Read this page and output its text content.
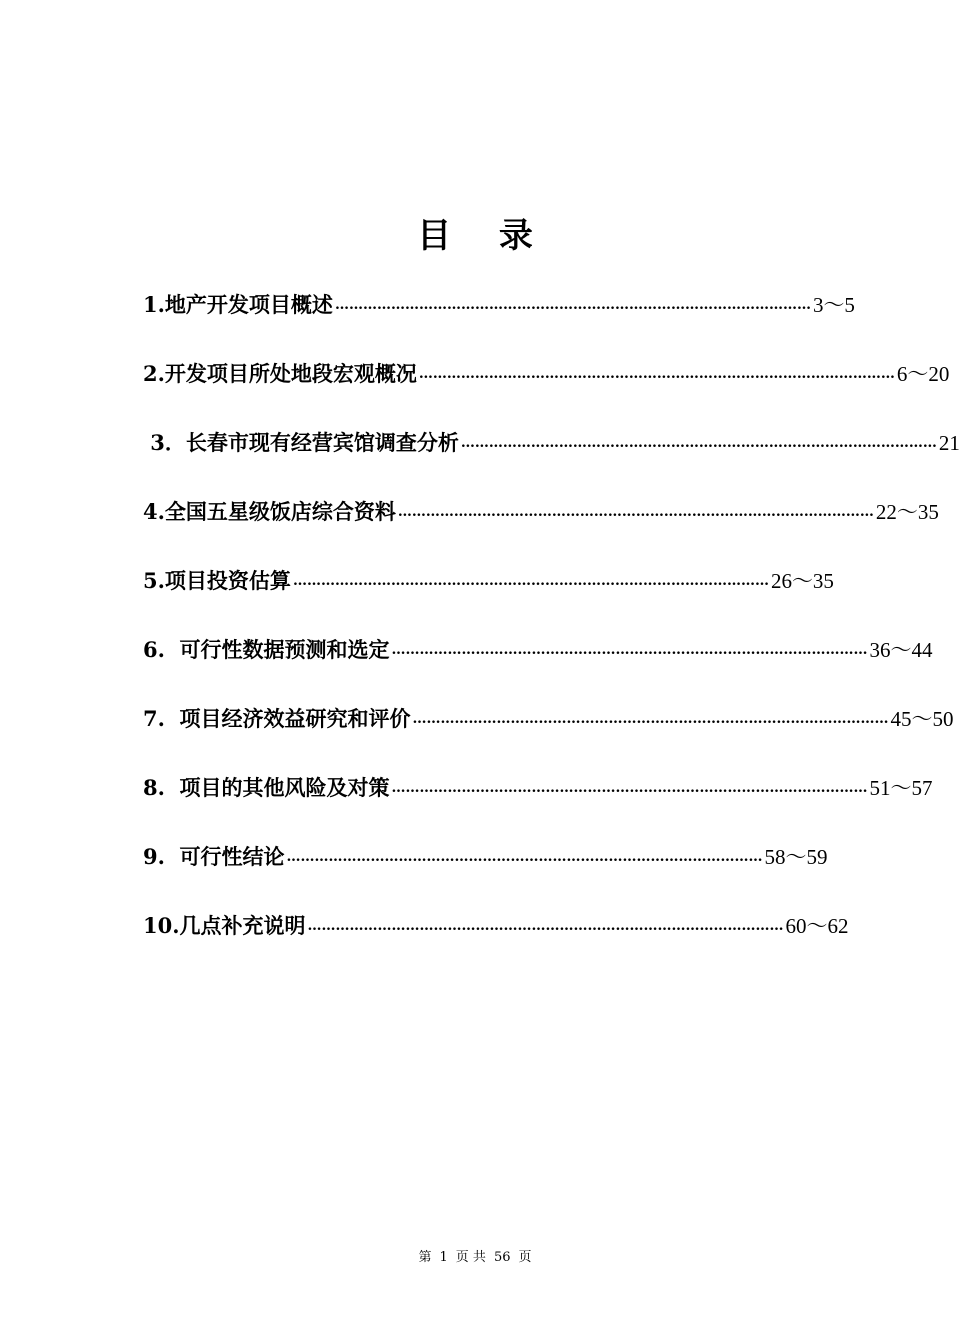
目 录
1.地产开发项目概述 ………………………………………………………………………………………… 3～5
2.开发项目所处地段宏观概况 ………………………………………………………………………………………… 6～20
3．长春市现有经营宾馆调查分析 ………………………………………………………………………………………… 21
4.全国五星级饭店综合资料 ………………………………………………………………………………………… 22～35
5.项目投资估算 ………………………………………………………………………………………… 26～35
6.  可行性数据预测和选定 ………………………………………………………………………………………… 36～44
7.  项目经济效益研究和评价 ………………………………………………………………………………………… 45～50
8.  项目的其他风险及对策 ………………………………………………………………………………………… 51～57
9.  可行性结论 ………………………………………………………………………………………… 58～59
10.几点补充说明 ………………………………………………………………………………………… 60～62
第 1 页 共 56 页
